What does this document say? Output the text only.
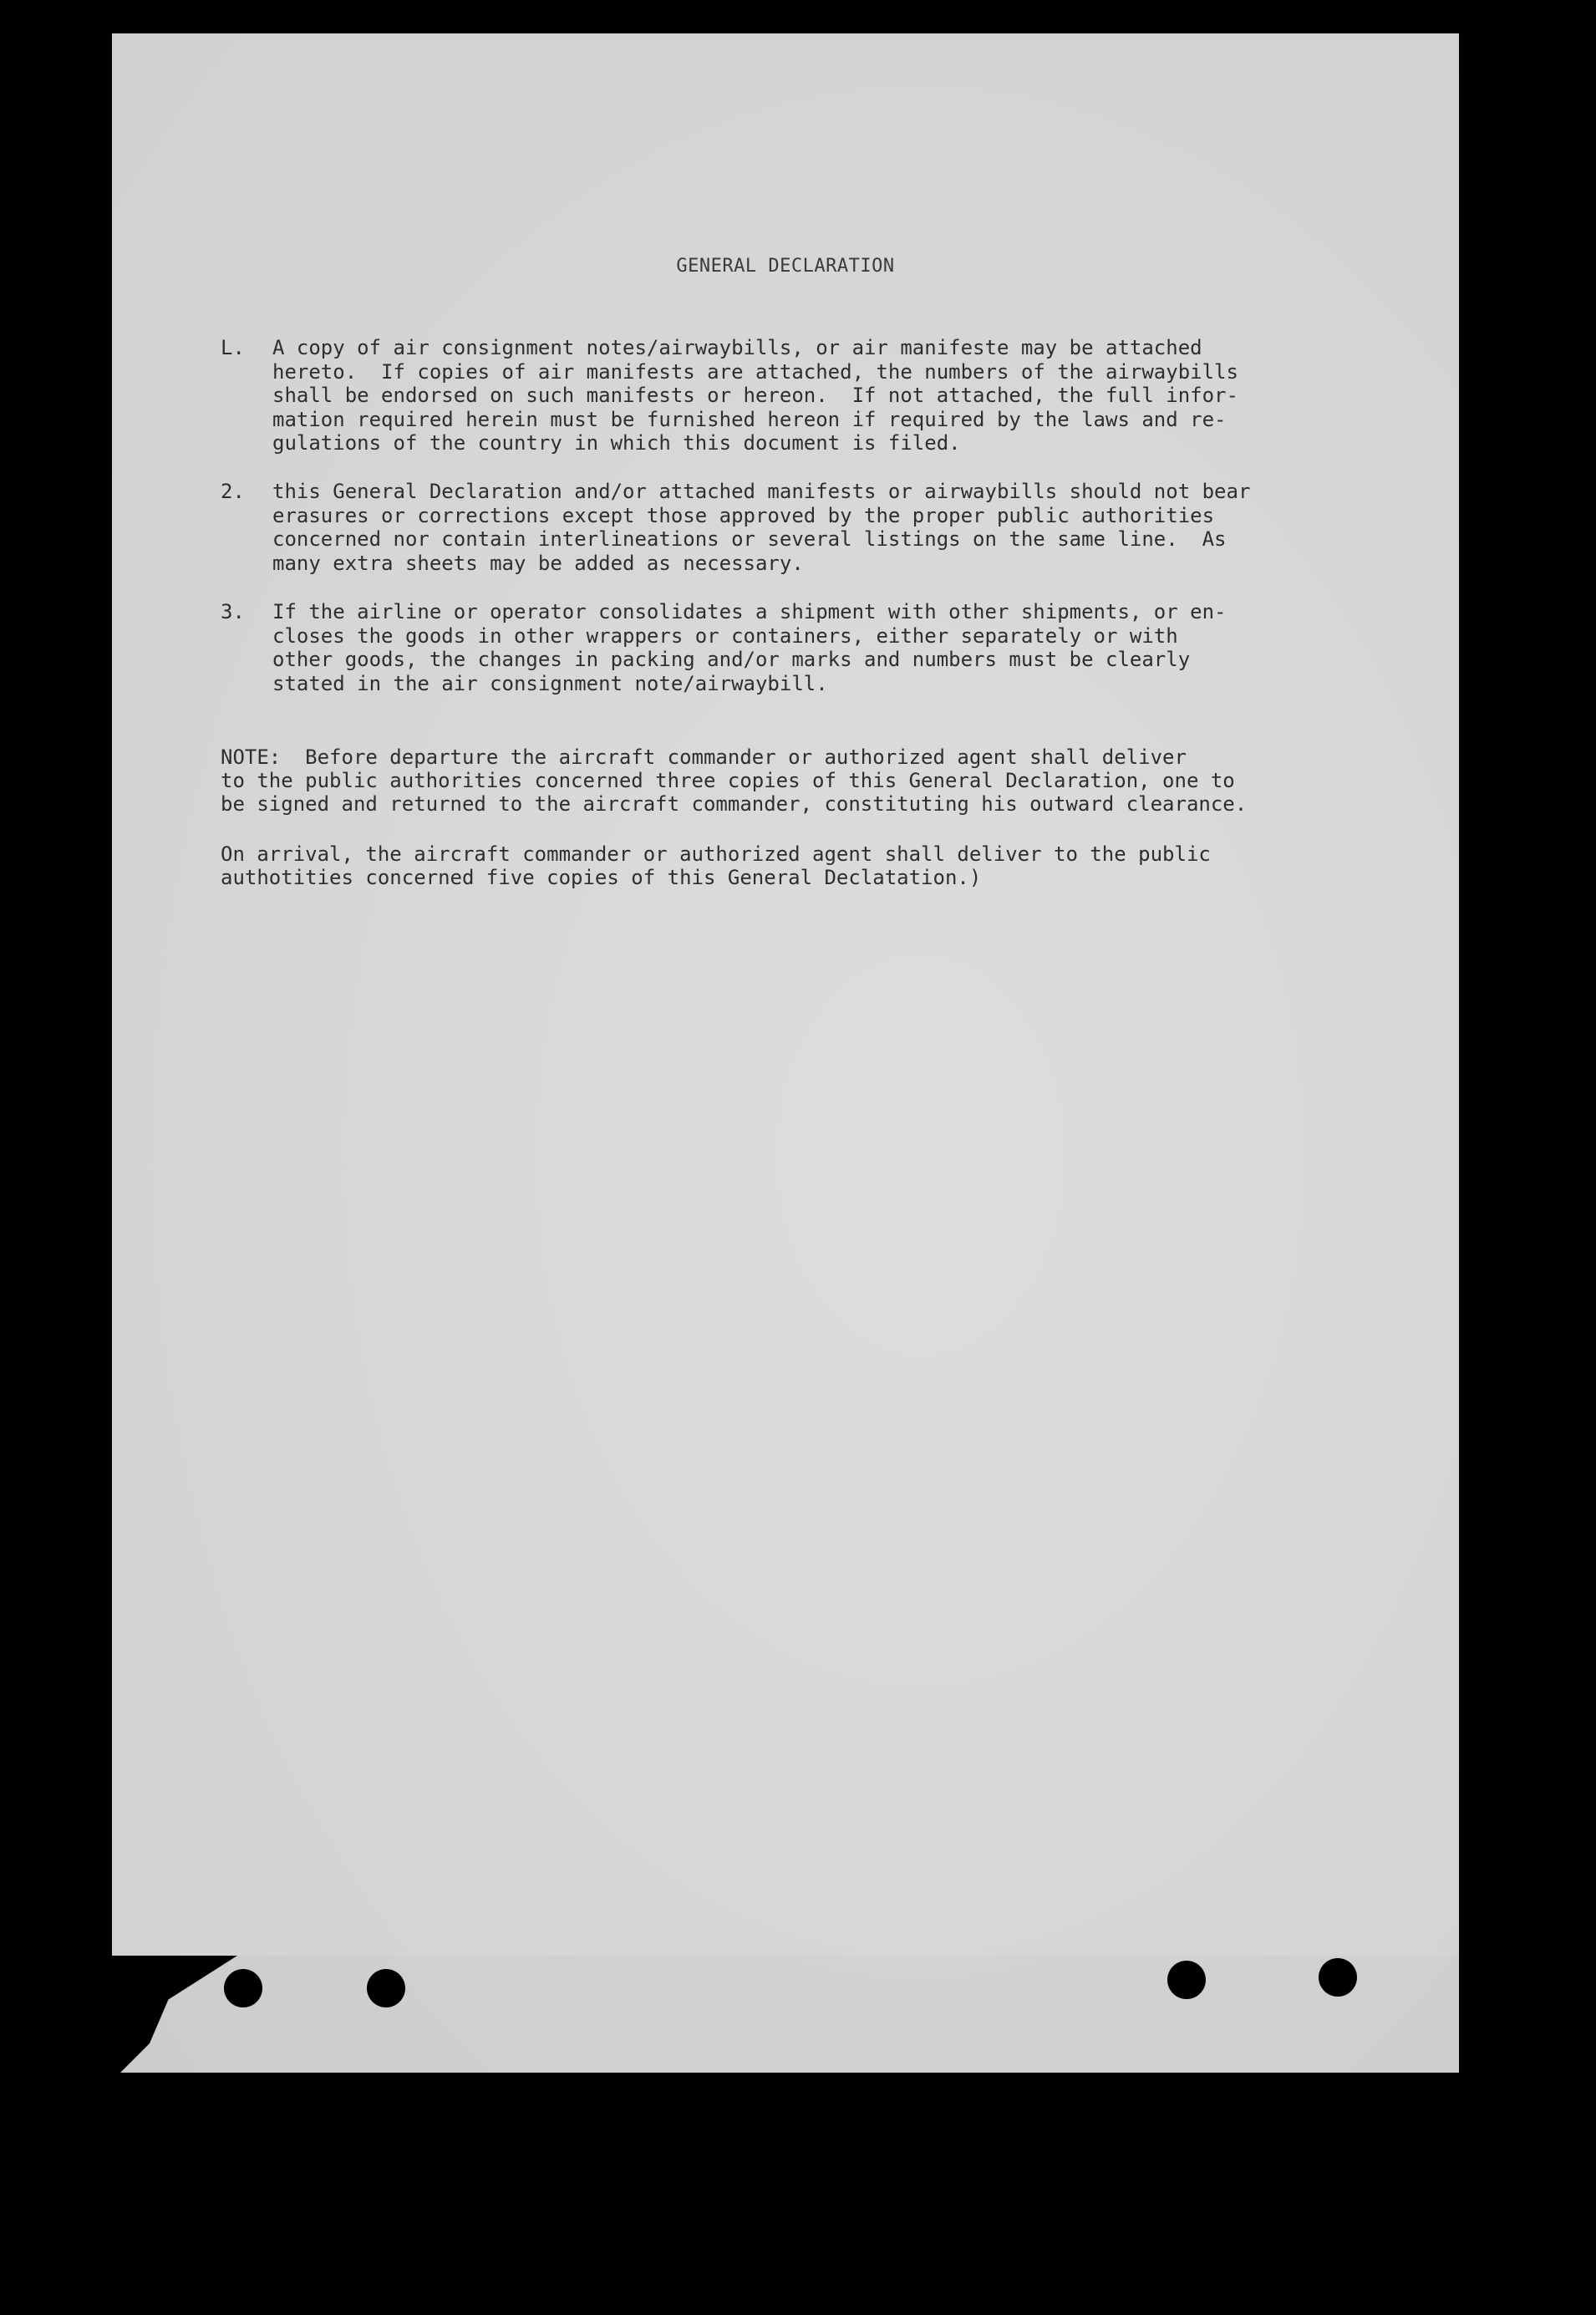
GENERAL DECLARATION
L.	A copy of air consignment notes/airwaybills, or air manifeste may be attached
hereto.  If copies of air manifests are attached, the numbers of the airwaybills
shall be endorsed on such manifests or hereon.  If not attached, the full infor-
mation required herein must be furnished hereon if required by the laws and re-
gulations of the country in which this document is filed.
2.	this General Declaration and/or attached manifests or airwaybills should not bear
erasures or corrections except those approved by the proper public authorities
concerned nor contain interlineations or several listings on the same line.  As
many extra sheets may be added as necessary.
3.	If the airline or operator consolidates a shipment with other shipments, or en-
closes the goods in other wrappers or containers, either separately or with
other goods, the changes in packing and/or marks and numbers must be clearly
stated in the air consignment note/airwaybill.
NOTE:  Before departure the aircraft commander or authorized agent shall deliver
to the public authorities concerned three copies of this General Declaration, one to
be signed and returned to the aircraft commander, constituting his outward clearance.
On arrival, the aircraft commander or authorized agent shall deliver to the public
authotities concerned five copies of this General Declatation.)
